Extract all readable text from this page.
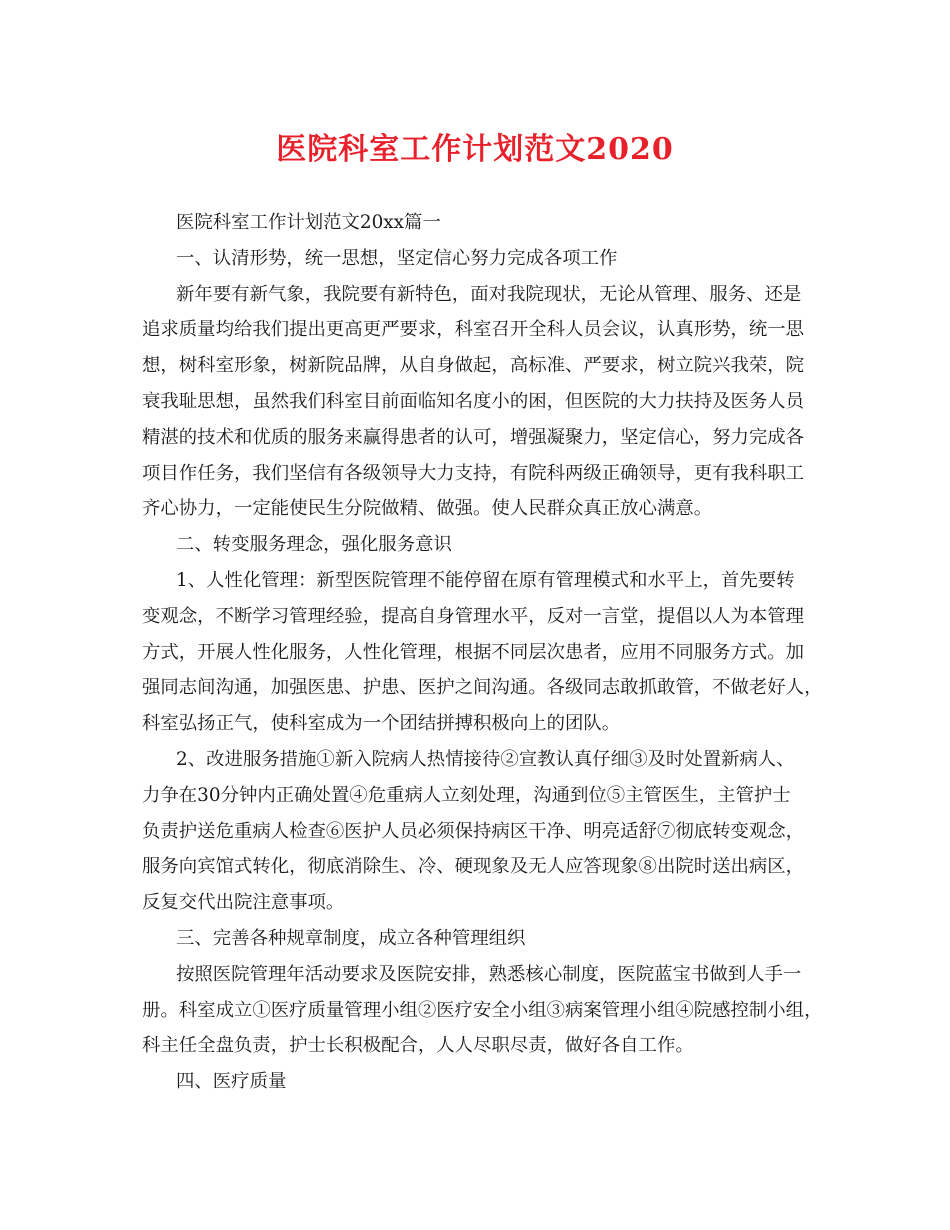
医院科室工作计划范文2020

医院科室工作计划范文20xx篇一

一、认清形势，统一思想，坚定信心努力完成各项工作

新年要有新气象，我院要有新特色，面对我院现状，无论从管理、服务、还是

追求质量均给我们提出更高更严要求，科室召开全科人员会议，认真形势，统一思

想，树科室形象，树新院品牌，从自身做起，高标准、严要求，树立院兴我荣，院

衰我耻思想，虽然我们科室目前面临知名度小的困，但医院的大力扶持及医务人员

精湛的技术和优质的服务来赢得患者的认可，增强凝聚力，坚定信心，努力完成各

项目作任务，我们坚信有各级领导大力支持，有院科两级正确领导，更有我科职工

齐心协力，一定能使民生分院做精、做强。使人民群众真正放心满意。

二、转变服务理念，强化服务意识

1、人性化管理：新型医院管理不能停留在原有管理模式和水平上，首先要转

变观念，不断学习管理经验，提高自身管理水平，反对一言堂，提倡以人为本管理

方式，开展人性化服务，人性化管理，根据不同层次患者，应用不同服务方式。加

强同志间沟通，加强医患、护患、医护之间沟通。各级同志敢抓敢管，不做老好人，

科室弘扬正气，使科室成为一个团结拼搏积极向上的团队。

2、改进服务措施①新入院病人热情接待②宣教认真仔细③及时处置新病人、

力争在30分钟内正确处置④危重病人立刻处理，沟通到位⑤主管医生，主管护士

负责护送危重病人检查⑥医护人员必须保持病区干净、明亮适舒⑦彻底转变观念，

服务向宾馆式转化，彻底消除生、冷、硬现象及无人应答现象⑧出院时送出病区，

反复交代出院注意事项。

三、完善各种规章制度，成立各种管理组织

按照医院管理年活动要求及医院安排，熟悉核心制度，医院蓝宝书做到人手一

册。科室成立①医疗质量管理小组②医疗安全小组③病案管理小组④院感控制小组，

科主任全盘负责，护士长积极配合，人人尽职尽责，做好各自工作。

四、医疗质量
